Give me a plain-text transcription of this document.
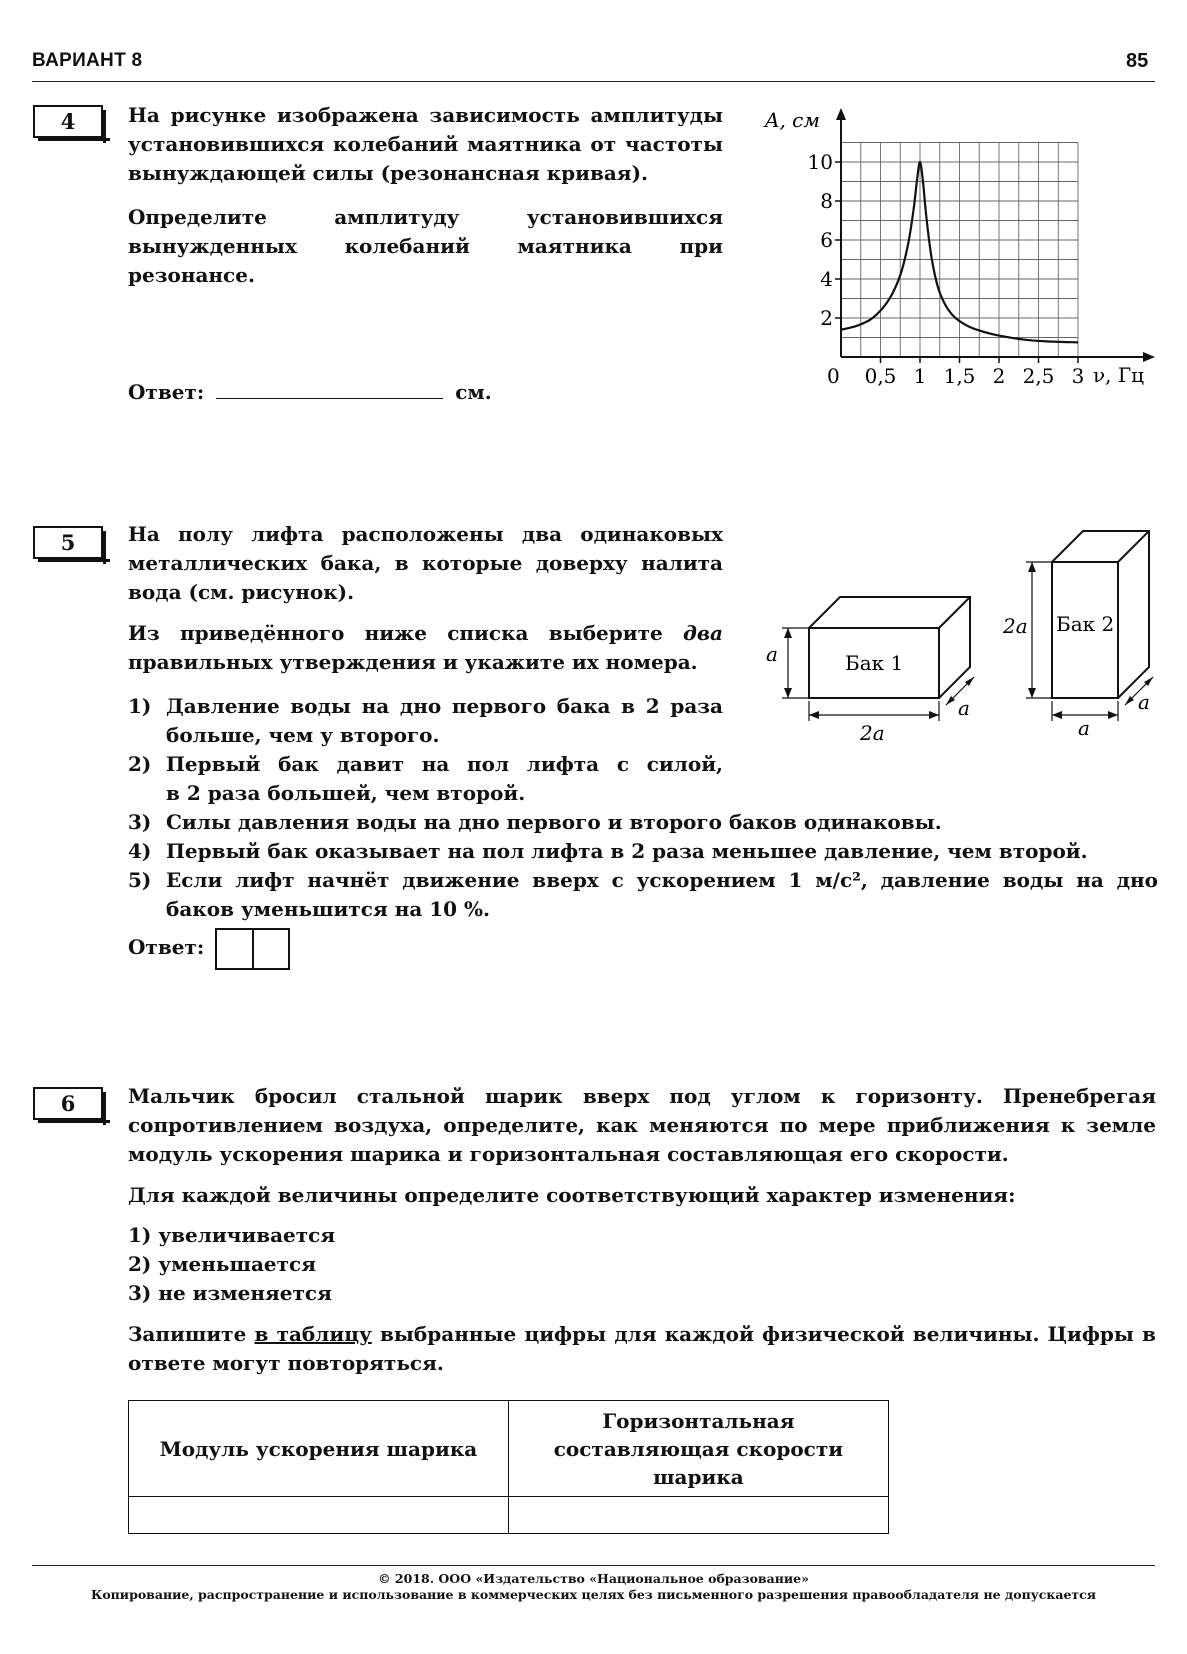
ВАРИАНТ 8	85
4	На рисунке изображена зависимость амплитуды установившихся колебаний маятника от частоты вынуждающей силы (резонансная кривая).
Определите амплитуду установившихся
вынужденных колебаний маятника при
резонансе.
Ответ:	см.
2
4
6
8
10
0,5 1 1,5 2 2,5 3
A, см
ν, Гц
0
5	На полу лифта расположены два одинаковых
металлических бака, в которые доверху налита
вода (см. рисунок).
Из приведённого ниже списка выберите два
правильных утверждения и укажите их номера.
1) Давление воды на дно первого бака в 2 раза
больше, чем у второго.
2) Первый бак давит на пол лифта с силой,
в 2 раза большей, чем второй.
3) Силы давления воды на дно первого и второго баков одинаковы.
4) Первый бак оказывает на пол лифта в 2 раза меньшее давление, чем второй.
5) Если лифт начнёт движение вверх с ускорением 1 м/с², давление воды на дно
баков уменьшится на 10 %.
Ответ:
Бак 1
Бак 2
a
2a
a
2a
a
a
6	Мальчик бросил стальной шарик вверх под углом к горизонту. Пренебрегая сопротивлением воздуха, определите, как меняются по мере приближения к земле модуль ускорения шарика и горизонтальная составляющая его скорости.
Для каждой величины определите соответствующий характер изменения:
1) увеличивается
2) уменьшается
3) не изменяется
Запишите в таблицу выбранные цифры для каждой физической величины. Цифры в ответе могут повторяться.
Модуль ускорения шарика	Горизонтальная составляющая скорости шарика

© 2018. ООО «Издательство «Национальное образование»
Копирование, распространение и использование в коммерческих целях без письменного разрешения правообладателя не допускается
